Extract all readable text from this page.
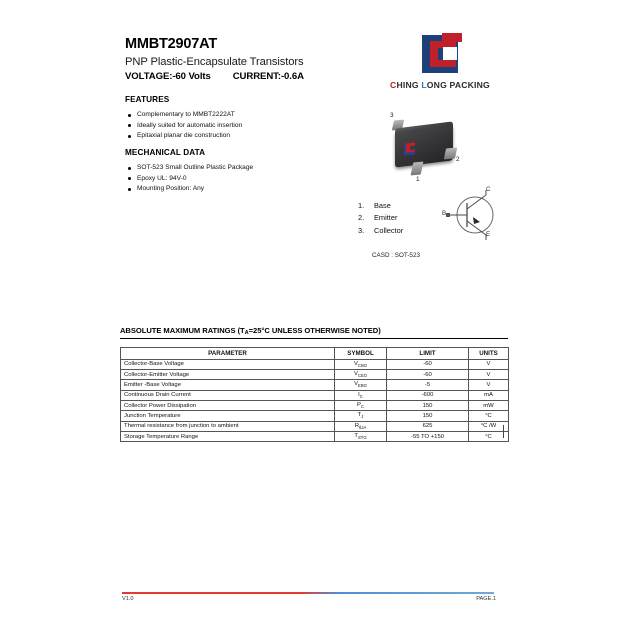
MMBT2907AT
PNP Plastic-Encapsulate Transistors
VOLTAGE:-60 Volts CURRENT:-0.6A
FEATURES
Complementary to MMBT2222AT
Ideally suited for automatic insertion
Epitaxial planar die construction
MECHANICAL DATA
SOT-523 Small Outline Plastic Package
Epoxy UL: 94V-0
Mounting Position: Any
CHING LONG PACKING
1
2
3
1. Base
2. Emitter
3. Collector
CASD : SOT-523
C
E
B
ABSOLUTE MAXIMUM RATINGS ($T_A=25^\circ C$ UNLESS OTHERWISE NOTED)
PARAMETER	SYMBOL	LIMIT	UNITS
Collector-Base Voltage	$V_{CBO}$	-60	V
Collector-Emitter Voltage	$V_{CEO}$	-60	V
Emitter -Base Voltage	$V_{EBO}$	-5	V
Continuous Drain Current	$I_C$	-600	mA
Collector Power Dissipation	$P_C$	150	mW
Junction Temperature	$T_J$	150	°C
Thermal resistance from junction to ambient	$R_{\theta JA}$	625	°C /W
Storage Temperature Range	$T_{STG}$	-55 TO +150	°C
V1.0	PAGE.1
